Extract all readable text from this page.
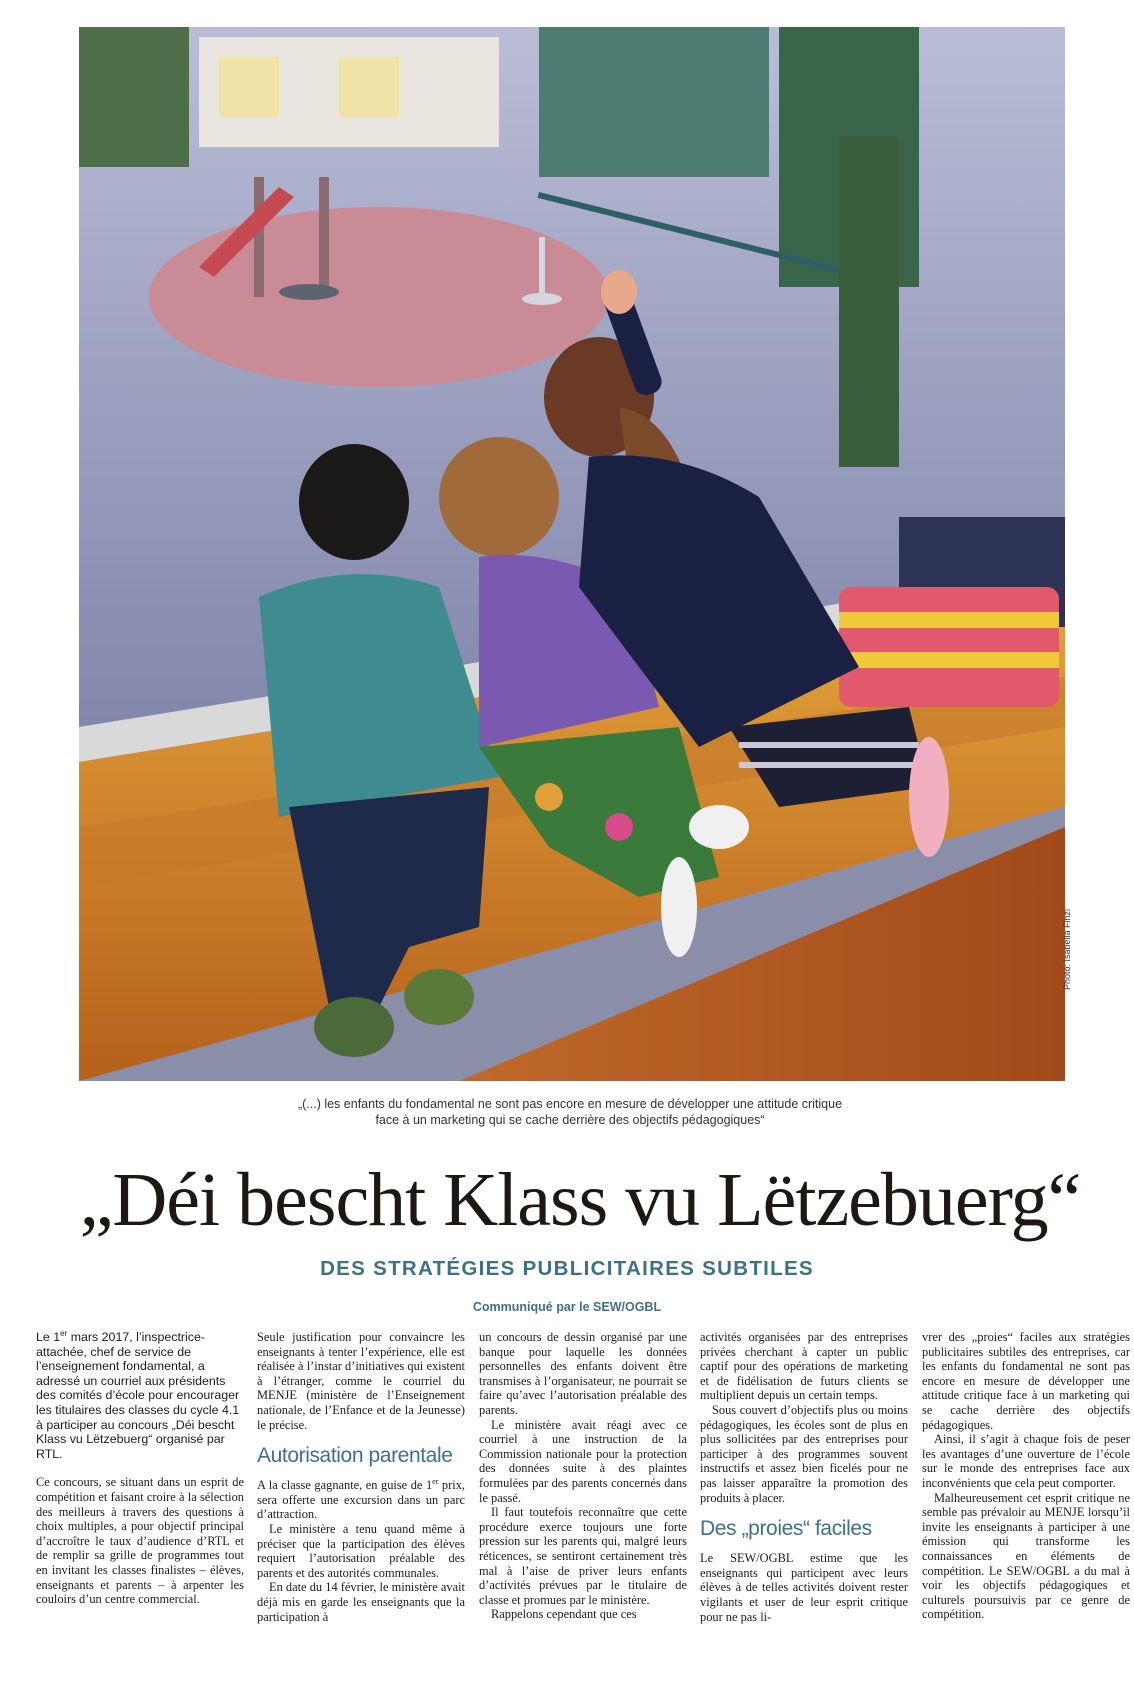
Photo: Isabella Finzi
„(...) les enfants du fondamental ne sont pas encore en mesure de développer une attitude critique
face à un marketing qui se cache derrière des objectifs pédagogiques“
„Déi bescht Klass vu Lëtzebuerg“
DES STRATÉGIES PUBLICITAIRES SUBTILES
Communiqué par le SEW/OGBL

Le 1er mars 2017, l’inspectrice-attachée, chef de service de l’enseignement fondamental, a adressé un courriel aux présidents des comités d’école pour encourager les titulaires des classes du cycle 4.1 à participer au concours „Déi bescht Klass vu Lëtzebuerg“ organisé par RTL.

Ce concours, se situant dans un esprit de compétition et faisant croire à la sélection des meilleurs à travers des questions à choix multiples, a pour objectif principal d’accroître le taux d’audience d’RTL et de remplir sa grille de programmes tout en invitant les classes finalistes – élèves, enseignants et parents – à arpenter les couloirs d’un centre commercial.

Seule justification pour convaincre les enseignants à tenter l’expérience, elle est réalisée à l’instar d’initiatives qui existent à l’étranger, comme le courriel du MENJE (ministère de l’Enseignement nationale, de l’Enfance et de la Jeunesse) le précise.

Autorisation parentale

A la classe gagnante, en guise de 1er prix, sera offerte une excursion dans un parc d’attraction.

Le ministère a tenu quand même à préciser que la participation des élèves requiert l’autorisation préalable des parents et des autorités communales.

En date du 14 février, le ministère avait déjà mis en garde les enseignants que la participation à

un concours de dessin organisé par une banque pour laquelle les données personnelles des enfants doivent être transmises à l’organisateur, ne pourrait se faire qu’avec l’autorisation préalable des parents.

Le ministère avait réagi avec ce courriel à une instruction de la Commission nationale pour la protection des données suite à des plaintes formulées par des parents concernés dans le passé.

Il faut toutefois reconnaître que cette procédure exerce toujours une forte pression sur les parents qui, malgré leurs réticences, se sentiront certainement très mal à l’aise de priver leurs enfants d’activités prévues par le titulaire de classe et promues par le ministère.

Rappelons cependant que ces

activités organisées par des entreprises privées cherchant à capter un public captif pour des opérations de marketing et de fidélisation de futurs clients se multiplient depuis un certain temps.

Sous couvert d’objectifs plus ou moins pédagogiques, les écoles sont de plus en plus sollicitées par des entreprises pour participer à des programmes souvent instructifs et assez bien ficelés pour ne pas laisser apparaître la promotion des produits à placer.

Des „proies“ faciles

Le SEW/OGBL estime que les enseignants qui participent avec leurs élèves à de telles activités doivent rester vigilants et user de leur esprit critique pour ne pas li-

vrer des „proies“ faciles aux stratégies publicitaires subtiles des entreprises, car les enfants du fondamental ne sont pas encore en mesure de développer une attitude critique face à un marketing qui se cache derrière des objectifs pédagogiques.

Ainsi, il s’agit à chaque fois de peser les avantages d’une ouverture de l’école sur le monde des entreprises face aux inconvénients que cela peut comporter.

Malheureusement cet esprit critique ne semble pas prévaloir au MENJE lorsqu’il invite les enseignants à participer à une émission qui transforme les connaissances en éléments de compétition. Le SEW/OGBL a du mal à voir les objectifs pédagogiques et culturels poursuivis par ce genre de compétition.
